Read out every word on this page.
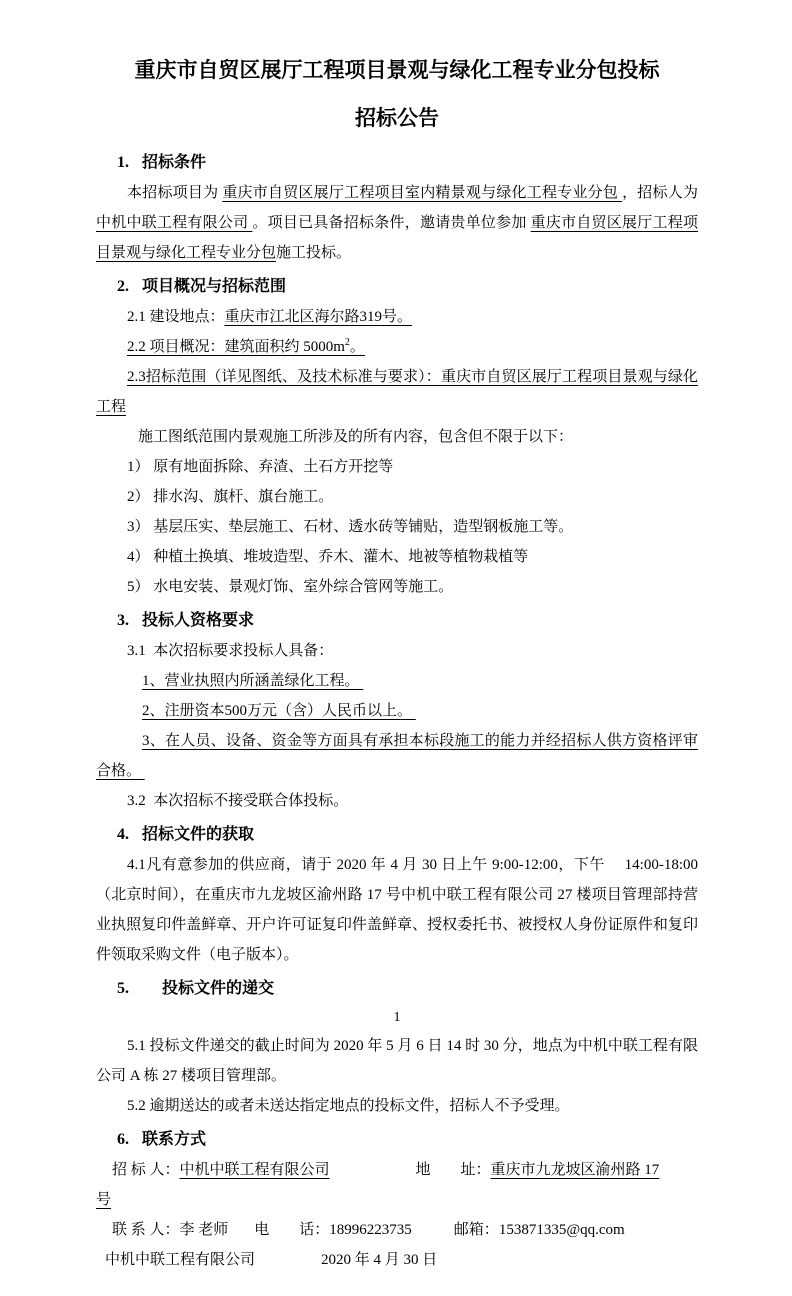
重庆市自贸区展厅工程项目景观与绿化工程专业分包投标
招标公告
1. 招标条件

本招标项目为 重庆市自贸区展厅工程项目室内精景观与绿化工程专业分包 ，招标人为中机中联工程有限公司 。项目已具备招标条件，邀请贵单位参加 重庆市自贸区展厅工程项目景观与绿化工程专业分包施工投标。

2. 项目概况与招标范围

2.1 建设地点：重庆市江北区海尔路319号。

2.2 项目概况：建筑面积约 $5000m^2$。

2.3招标范围（详见图纸、及技术标准与要求）：重庆市自贸区展厅工程项目景观与绿化工程

施工图纸范围内景观施工所涉及的所有内容，包含但不限于以下：

1） 原有地面拆除、弃渣、土石方开挖等

2） 排水沟、旗杆、旗台施工。

3） 基层压实、垫层施工、石材、透水砖等铺贴，造型钢板施工等。

4） 种植土换填、堆坡造型、乔木、灌木、地被等植物栽植等

5） 水电安装、景观灯饰、室外综合管网等施工。

3. 投标人资格要求

3.1  本次招标要求投标人具备：

1、营业执照内所涵盖绿化工程。

2、注册资本500万元（含）人民币以上。

3、在人员、设备、资金等方面具有承担本标段施工的能力并经招标人供方资格评审合格。

3.2  本次招标不接受联合体投标。

4. 招标文件的获取

4.1凡有意参加的供应商，请于 2020 年 4 月 30 日上午 9:00-12:00，下午　 14:00-18:00（北京时间），在重庆市九龙坡区渝州路 17 号中机中联工程有限公司 27 楼项目管理部持营业执照复印件盖鲜章、开户许可证复印件盖鲜章、授权委托书、被授权人身份证原件和复印件领取采购文件（电子版本）。

5. 投标文件的递交
1

5.1 投标文件递交的截止时间为 2020 年 5 月 6 日 14 时 30 分，地点为中机中联工程有限公司 A 栋 27 楼项目管理部。

5.2 逾期送达的或者未送达指定地点的投标文件，招标人不予受理。

6. 联系方式

招 标 人：中机中联工程有限公司	地　　址：重庆市九龙坡区渝州路 17

号

联 系 人：李 老师 电　　话：18996223735	邮箱：153871335@qq.com

中机中联工程有限公司	2020 年 4 月 30 日
